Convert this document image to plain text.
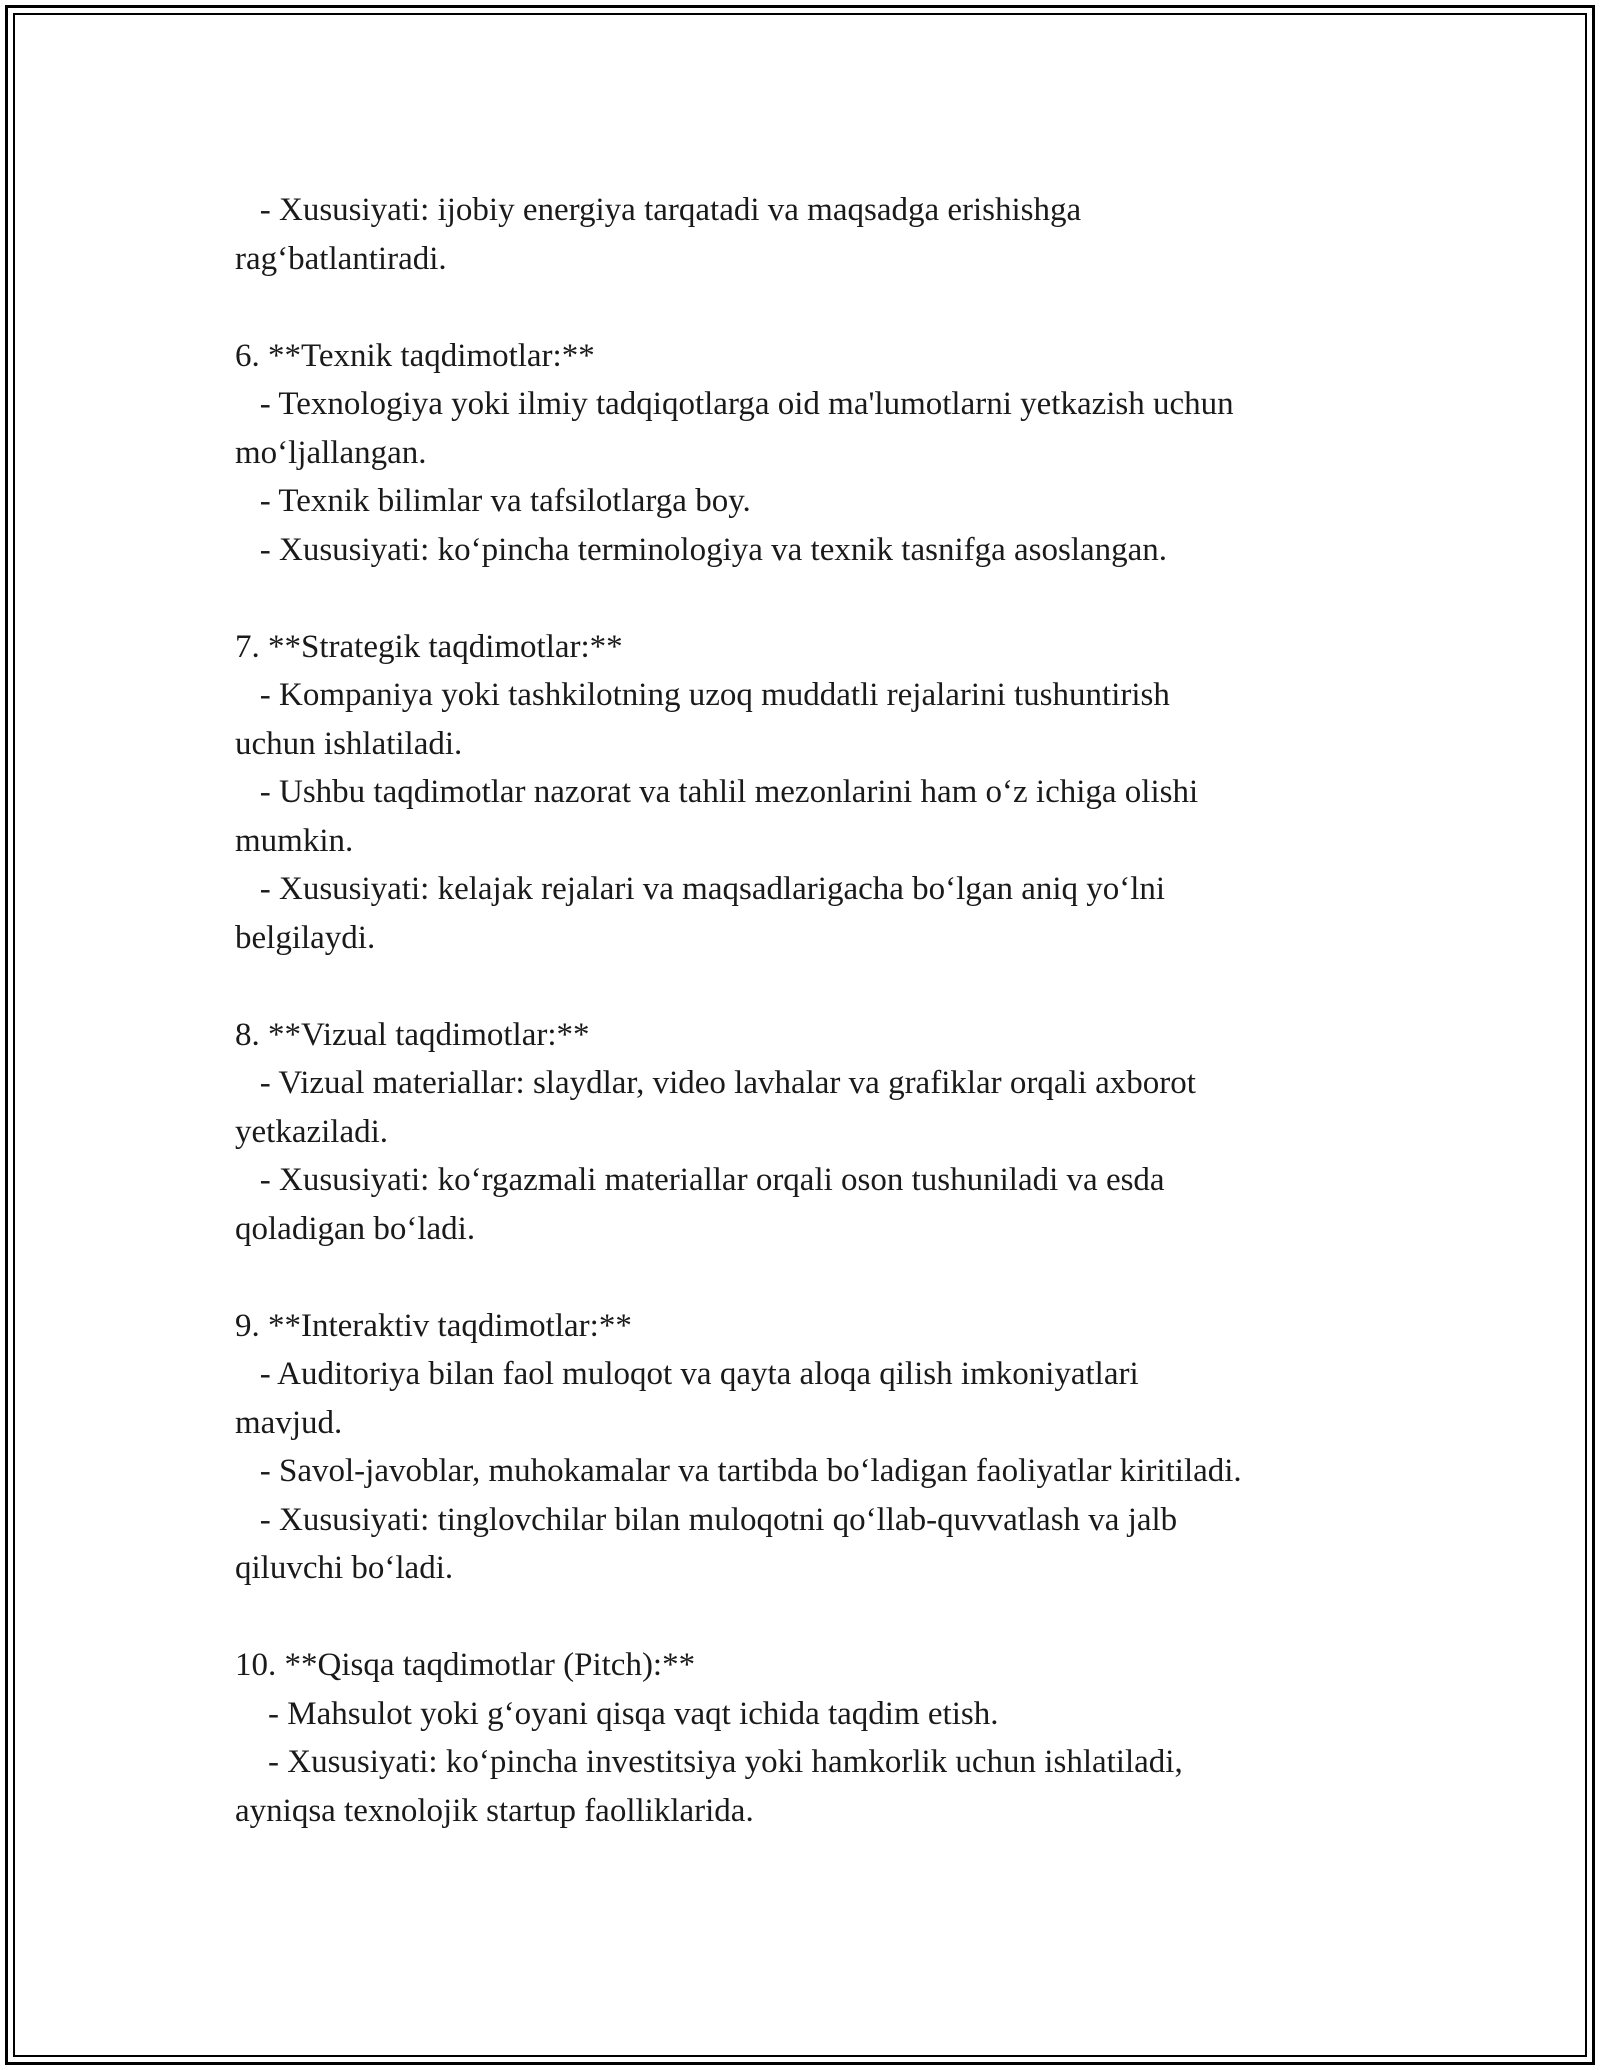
- Xususiyati: ijobiy energiya tarqatadi va maqsadga erishishga
rag‘batlantiradi.
6. **Texnik taqdimotlar:**
- Texnologiya yoki ilmiy tadqiqotlarga oid ma'lumotlarni yetkazish uchun
mo‘ljallangan.
- Texnik bilimlar va tafsilotlarga boy.
- Xususiyati: ko‘pincha terminologiya va texnik tasnifga asoslangan.
7. **Strategik taqdimotlar:**
- Kompaniya yoki tashkilotning uzoq muddatli rejalarini tushuntirish
uchun ishlatiladi.
- Ushbu taqdimotlar nazorat va tahlil mezonlarini ham o‘z ichiga olishi
mumkin.
- Xususiyati: kelajak rejalari va maqsadlarigacha bo‘lgan aniq yo‘lni
belgilaydi.
8. **Vizual taqdimotlar:**
- Vizual materiallar: slaydlar, video lavhalar va grafiklar orqali axborot
yetkaziladi.
- Xususiyati: ko‘rgazmali materiallar orqali oson tushuniladi va esda
qoladigan bo‘ladi.
9. **Interaktiv taqdimotlar:**
- Auditoriya bilan faol muloqot va qayta aloqa qilish imkoniyatlari
mavjud.
- Savol-javoblar, muhokamalar va tartibda bo‘ladigan faoliyatlar kiritiladi.
- Xususiyati: tinglovchilar bilan muloqotni qo‘llab-quvvatlash va jalb
qiluvchi bo‘ladi.
10. **Qisqa taqdimotlar (Pitch):**
- Mahsulot yoki g‘oyani qisqa vaqt ichida taqdim etish.
- Xususiyati: ko‘pincha investitsiya yoki hamkorlik uchun ishlatiladi,
ayniqsa texnolojik startup faolliklarida.
